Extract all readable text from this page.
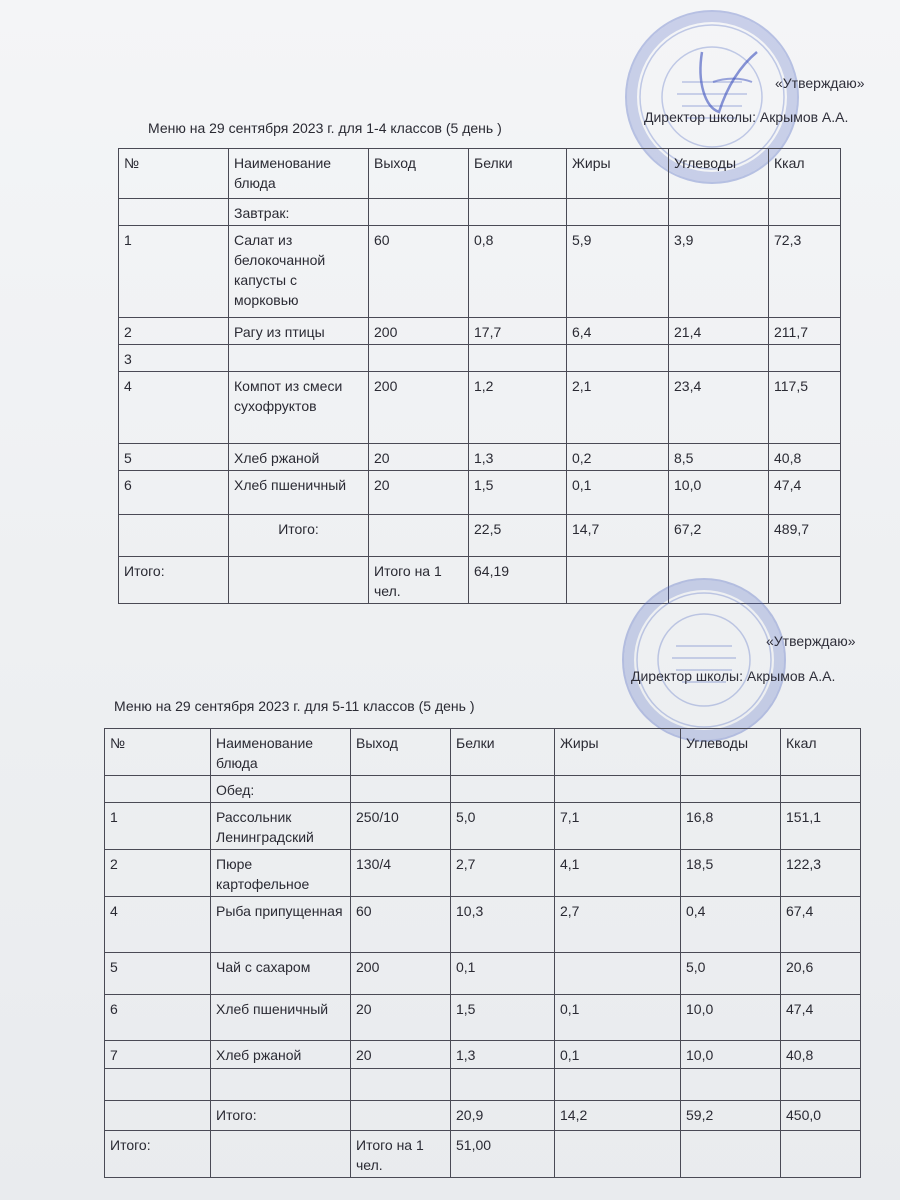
«Утверждаю»
Директор школы: Акрымов А.А.
Меню на 29 сентября 2023 г. для 1-4 классов (5 день )
№	Наименование блюда	Выход	Белки	Жиры	Углеводы	Ккал
	Завтрак:					
1	Салат из белокочанной капусты с морковью	60	0,8	5,9	3,9	72,3
2	Рагу из птицы	200	17,7	6,4	21,4	211,7
3						
4	Компот из смеси сухофруктов	200	1,2	2,1	23,4	117,5
5	Хлеб ржаной	20	1,3	0,2	8,5	40,8
6	Хлеб пшеничный	20	1,5	0,1	10,0	47,4
	Итого:		22,5	14,7	67,2	489,7
Итого:		Итого на 1 чел.	64,19			
«Утверждаю»
Директор школы: Акрымов А.А.
Меню на 29 сентября 2023 г. для 5-11 классов (5 день )
№	Наименование блюда	Выход	Белки	Жиры	Углеводы	Ккал
	Обед:					
1	Рассольник Ленинградский	250/10	5,0	7,1	16,8	151,1
2	Пюре картофельное	130/4	2,7	4,1	18,5	122,3
4	Рыба припущенная	60	10,3	2,7	0,4	67,4
5	Чай с сахаром	200	0,1		5,0	20,6
6	Хлеб пшеничный	20	1,5	0,1	10,0	47,4
7	Хлеб ржаной	20	1,3	0,1	10,0	40,8

	Итого:		20,9	14,2	59,2	450,0
Итого:		Итого на 1 чел.	51,00			
